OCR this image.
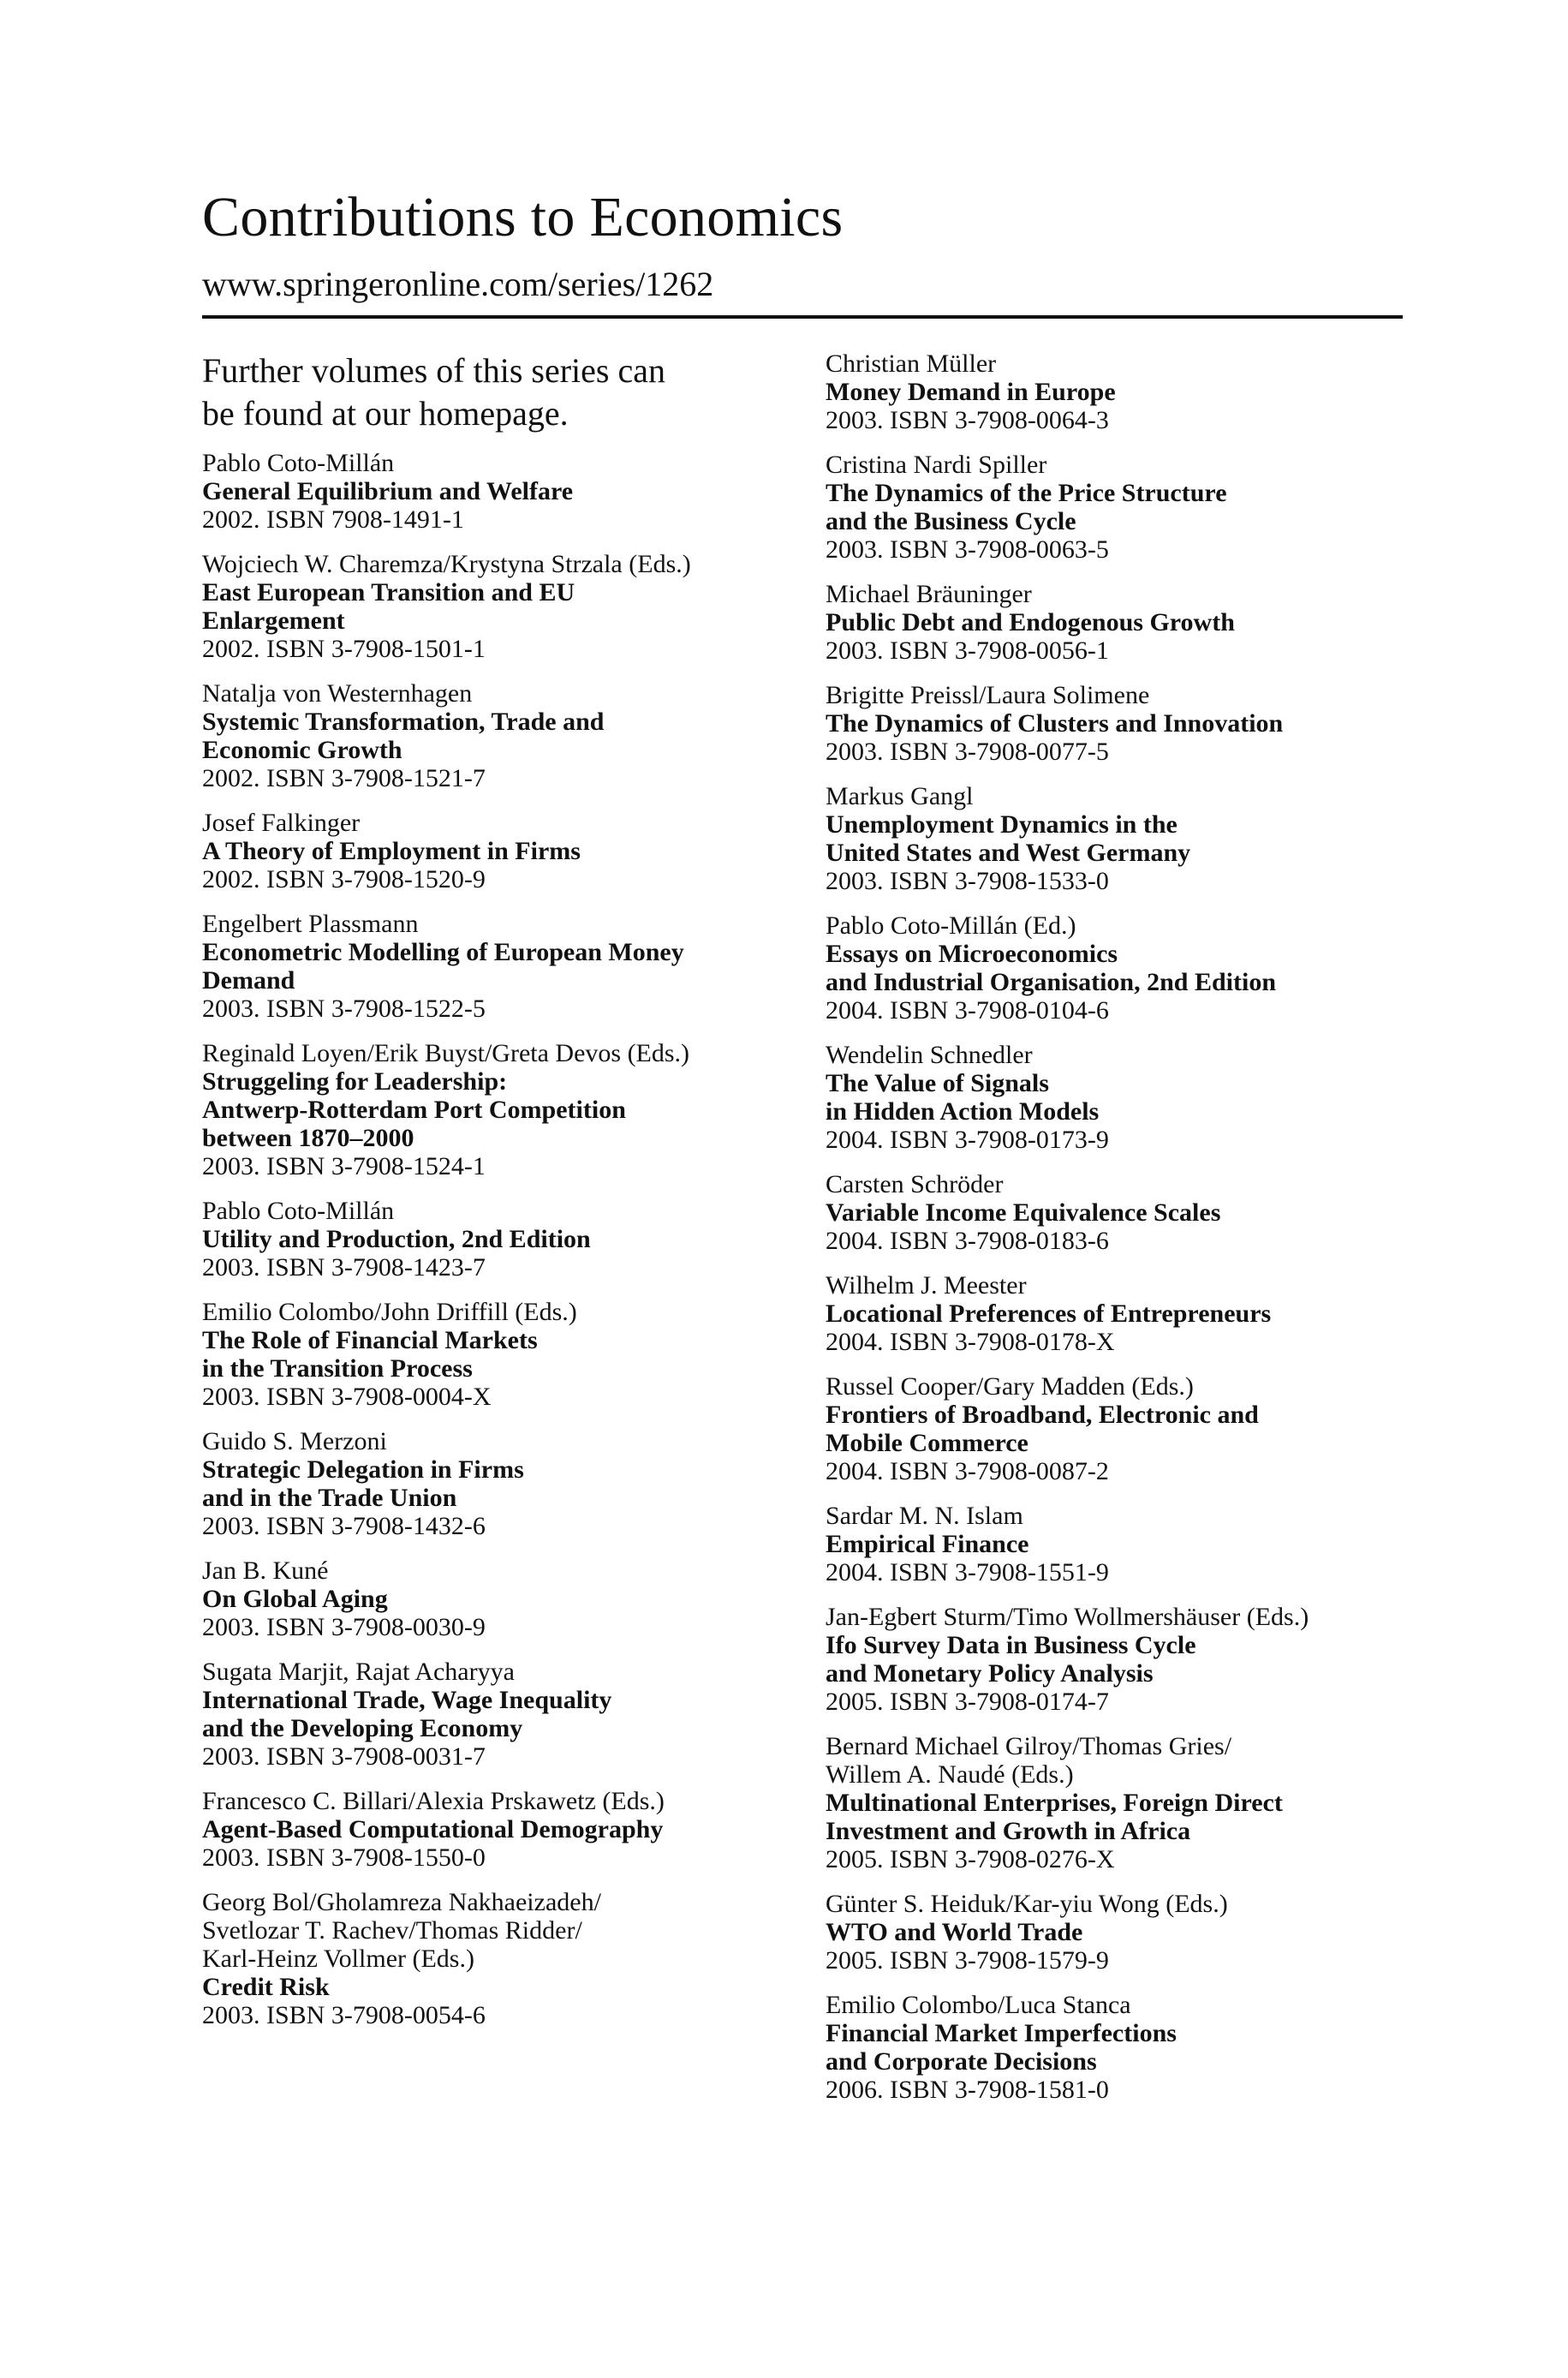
Contributions to Economics
www.springeronline.com/series/1262
Further volumes of this series can
be found at our homepage.
Pablo Coto-Millán
General Equilibrium and Welfare
2002. ISBN 7908-1491-1
Wojciech W. Charemza/Krystyna Strzala (Eds.)
East European Transition and EU
Enlargement
2002. ISBN 3-7908-1501-1
Natalja von Westernhagen
Systemic Transformation, Trade and
Economic Growth
2002. ISBN 3-7908-1521-7
Josef Falkinger
A Theory of Employment in Firms
2002. ISBN 3-7908-1520-9
Engelbert Plassmann
Econometric Modelling of European Money
Demand
2003. ISBN 3-7908-1522-5
Reginald Loyen/Erik Buyst/Greta Devos (Eds.)
Struggeling for Leadership:
Antwerp-Rotterdam Port Competition
between 1870–2000
2003. ISBN 3-7908-1524-1
Pablo Coto-Millán
Utility and Production, 2nd Edition
2003. ISBN 3-7908-1423-7
Emilio Colombo/John Driffill (Eds.)
The Role of Financial Markets
in the Transition Process
2003. ISBN 3-7908-0004-X
Guido S. Merzoni
Strategic Delegation in Firms
and in the Trade Union
2003. ISBN 3-7908-1432-6
Jan B. Kuné
On Global Aging
2003. ISBN 3-7908-0030-9
Sugata Marjit, Rajat Acharyya
International Trade, Wage Inequality
and the Developing Economy
2003. ISBN 3-7908-0031-7
Francesco C. Billari/Alexia Prskawetz (Eds.)
Agent-Based Computational Demography
2003. ISBN 3-7908-1550-0
Georg Bol/Gholamreza Nakhaeizadeh/
Svetlozar T. Rachev/Thomas Ridder/
Karl-Heinz Vollmer (Eds.)
Credit Risk
2003. ISBN 3-7908-0054-6
Christian Müller
Money Demand in Europe
2003. ISBN 3-7908-0064-3
Cristina Nardi Spiller
The Dynamics of the Price Structure
and the Business Cycle
2003. ISBN 3-7908-0063-5
Michael Bräuninger
Public Debt and Endogenous Growth
2003. ISBN 3-7908-0056-1
Brigitte Preissl/Laura Solimene
The Dynamics of Clusters and Innovation
2003. ISBN 3-7908-0077-5
Markus Gangl
Unemployment Dynamics in the
United States and West Germany
2003. ISBN 3-7908-1533-0
Pablo Coto-Millán (Ed.)
Essays on Microeconomics
and Industrial Organisation, 2nd Edition
2004. ISBN 3-7908-0104-6
Wendelin Schnedler
The Value of Signals
in Hidden Action Models
2004. ISBN 3-7908-0173-9
Carsten Schröder
Variable Income Equivalence Scales
2004. ISBN 3-7908-0183-6
Wilhelm J. Meester
Locational Preferences of Entrepreneurs
2004. ISBN 3-7908-0178-X
Russel Cooper/Gary Madden (Eds.)
Frontiers of Broadband, Electronic and
Mobile Commerce
2004. ISBN 3-7908-0087-2
Sardar M. N. Islam
Empirical Finance
2004. ISBN 3-7908-1551-9
Jan-Egbert Sturm/Timo Wollmershäuser (Eds.)
Ifo Survey Data in Business Cycle
and Monetary Policy Analysis
2005. ISBN 3-7908-0174-7
Bernard Michael Gilroy/Thomas Gries/
Willem A. Naudé (Eds.)
Multinational Enterprises, Foreign Direct
Investment and Growth in Africa
2005. ISBN 3-7908-0276-X
Günter S. Heiduk/Kar-yiu Wong (Eds.)
WTO and World Trade
2005. ISBN 3-7908-1579-9
Emilio Colombo/Luca Stanca
Financial Market Imperfections
and Corporate Decisions
2006. ISBN 3-7908-1581-0
